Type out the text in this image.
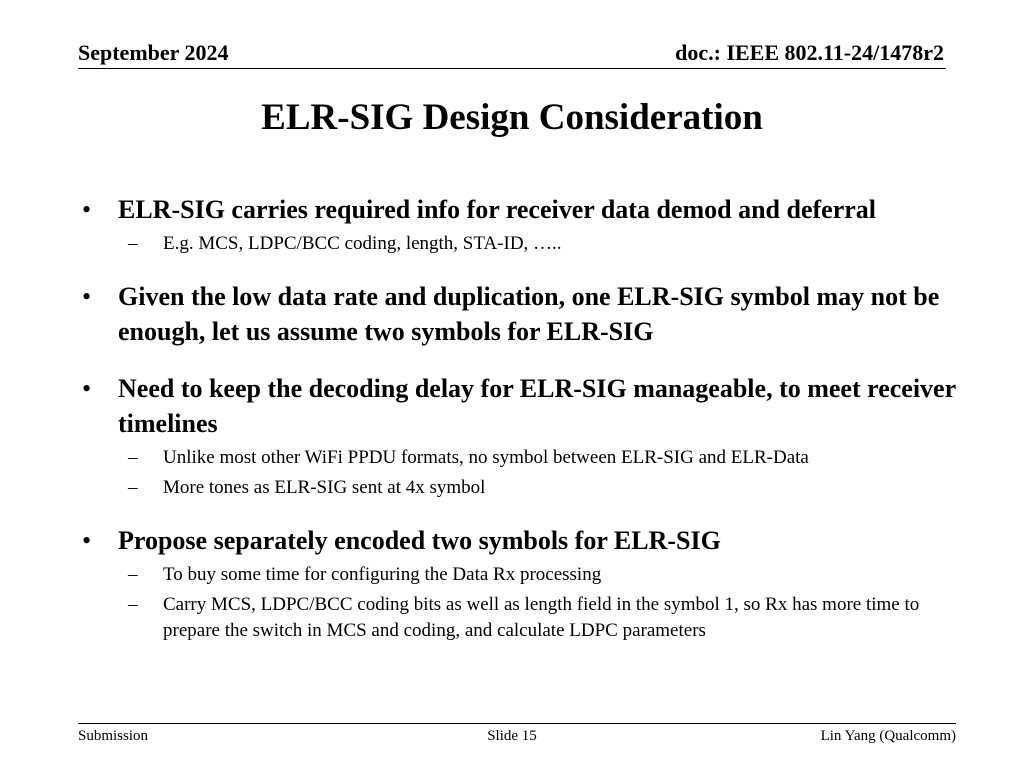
September 2024	doc.: IEEE 802.11-24/1478r2
ELR-SIG Design Consideration
• ELR-SIG carries required info for receiver data demod and deferral
– E.g. MCS, LDPC/BCC coding, length, STA-ID, …..
• Given the low data rate and duplication, one ELR-SIG symbol may not be enough, let us assume two symbols for ELR-SIG
• Need to keep the decoding delay for ELR-SIG manageable, to meet receiver timelines
– Unlike most other WiFi PPDU formats, no symbol between ELR-SIG and ELR-Data
– More tones as ELR-SIG sent at 4x symbol
• Propose separately encoded two symbols for ELR-SIG
– To buy some time for configuring the Data Rx processing
– Carry MCS, LDPC/BCC coding bits as well as length field in the symbol 1, so Rx has more time to prepare the switch in MCS and coding, and calculate LDPC parameters
Submission	Slide 15	Lin Yang (Qualcomm)
